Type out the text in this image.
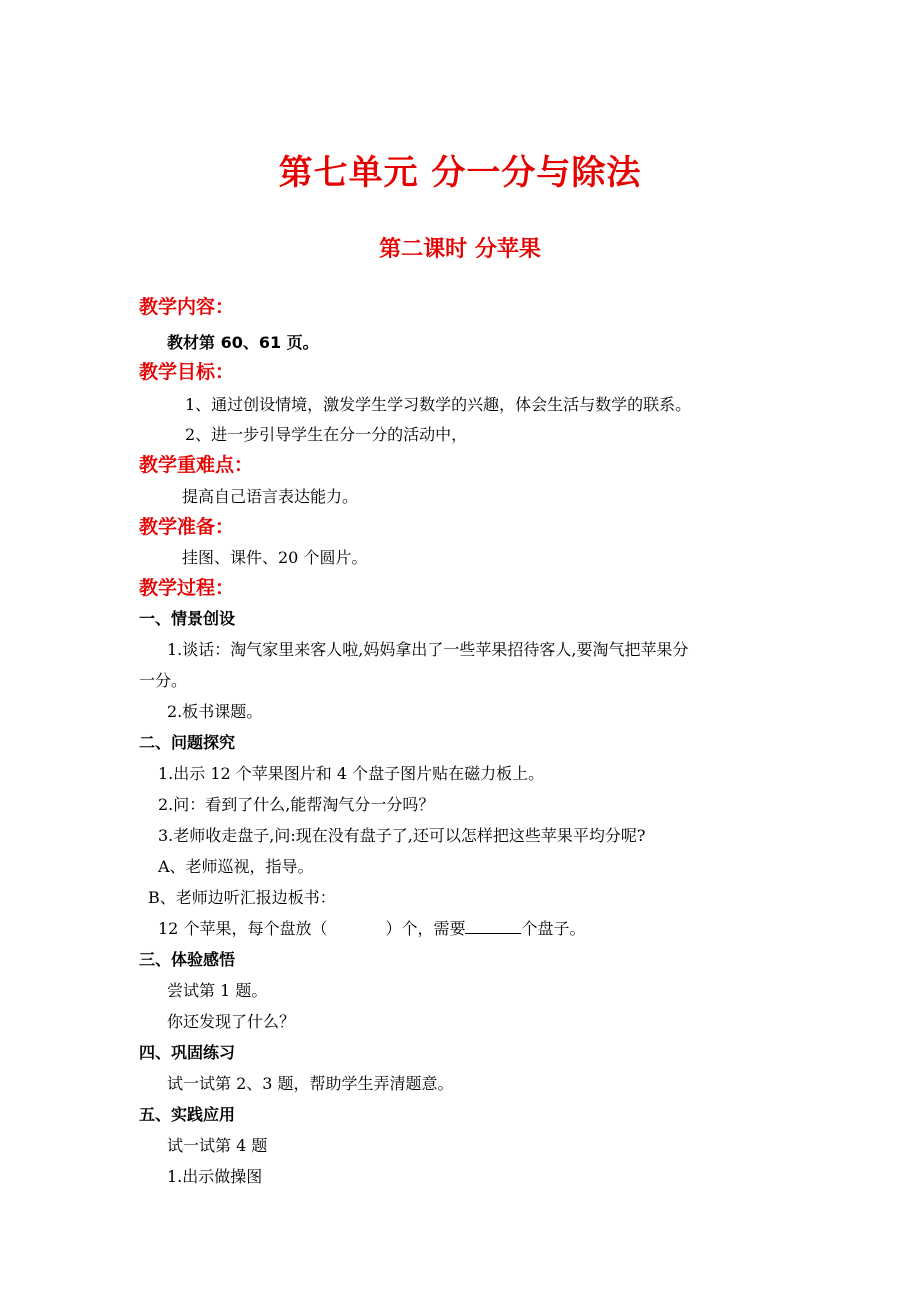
第七单元 分一分与除法
第二课时 分苹果
教学内容：
教材第 60、61 页。
教学目标：
1、通过创设情境，激发学生学习数学的兴趣，体会生活与数学的联系。
2、进一步引导学生在分一分的活动中，
教学重难点：
提高自己语言表达能力。
教学准备：
挂图、课件、20 个圆片。
教学过程：
一、情景创设
1.谈话：淘气家里来客人啦,妈妈拿出了一些苹果招待客人,要淘气把苹果分
一分。
2.板书课题。
二、问题探究
1.出示 12 个苹果图片和 4 个盘子图片贴在磁力板上。
2.问：看到了什么,能帮淘气分一分吗？
3.老师收走盘子,问:现在没有盘子了,还可以怎样把这些苹果平均分呢?
A、老师巡视，指导。
B、老师边听汇报边板书：
12 个苹果，每个盘放（	）个，需要	个盘子。
三、体验感悟
尝试第 1 题。
你还发现了什么？
四、巩固练习
试一试第 2、3 题，帮助学生弄清题意。
五、实践应用
试一试第 4 题
1.出示做操图
